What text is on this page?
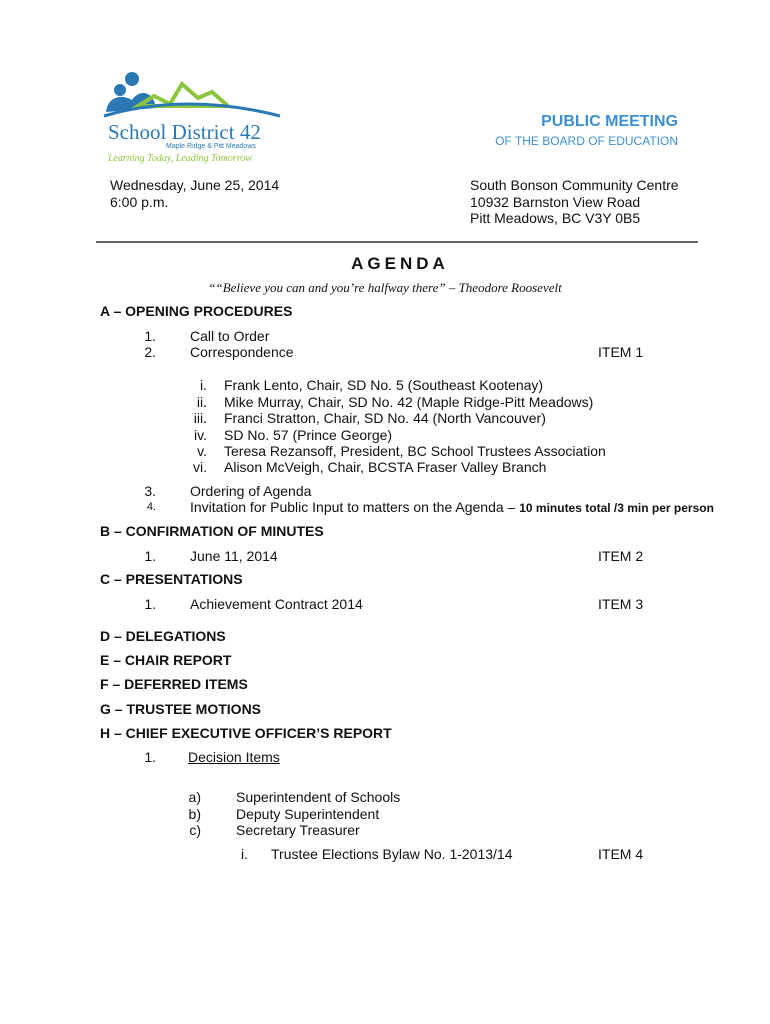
School District 42
Maple Ridge & Pitt Meadows
Learning Today, Leading Tomorrow
PUBLIC MEETING
OF THE BOARD OF EDUCATION
Wednesday, June 25, 2014
6:00 p.m.
South Bonson Community Centre
10932 Barnston View Road
Pitt Meadows, BC V3Y 0B5
AGENDA
““Believe you can and you’re halfway there” – Theodore Roosevelt
A – OPENING PROCEDURES
1. Call to Order
2. Correspondence	ITEM 1
i. Frank Lento, Chair, SD No. 5 (Southeast Kootenay)
ii. Mike Murray, Chair, SD No. 42 (Maple Ridge-Pitt Meadows)
iii. Franci Stratton, Chair, SD No. 44 (North Vancouver)
iv. SD No. 57 (Prince George)
v. Teresa Rezansoff, President, BC School Trustees Association
vi. Alison McVeigh, Chair, BCSTA Fraser Valley Branch
3. Ordering of Agenda
4. Invitation for Public Input to matters on the Agenda – 10 minutes total /3 min per person
B – CONFIRMATION OF MINUTES
1. June 11, 2014	ITEM 2
C – PRESENTATIONS
1. Achievement Contract 2014	ITEM 3
D – DELEGATIONS
E – CHAIR REPORT
F – DEFERRED ITEMS
G – TRUSTEE MOTIONS
H – CHIEF EXECUTIVE OFFICER’S REPORT
1. Decision Items
a)	Superintendent of Schools
b)	Deputy Superintendent
c)	Secretary Treasurer
i. Trustee Elections Bylaw No. 1-2013/14	ITEM 4
